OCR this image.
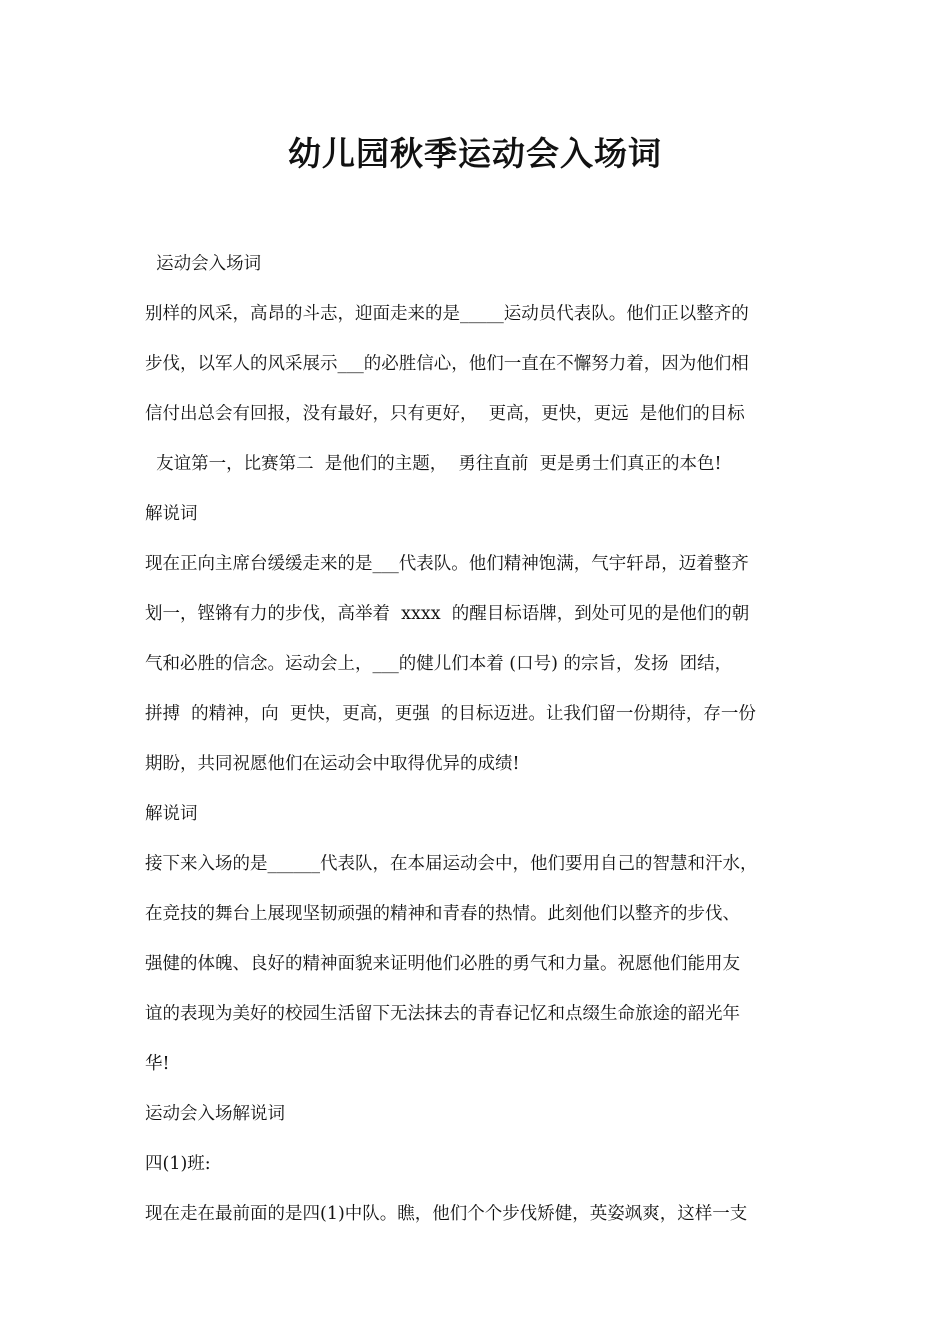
幼儿园秋季运动会入场词
运动会入场词
别样的风采，高昂的斗志，迎面走来的是_____运动员代表队。他们正以整齐的
步伐，以军人的风采展示___的必胜信心，他们一直在不懈努力着，因为他们相
信付出总会有回报，没有最好，只有更好，  更高，更快，更远  是他们的目标
友谊第一，比赛第二  是他们的主题，  勇往直前  更是勇士们真正的本色!
解说词
现在正向主席台缓缓走来的是___代表队。他们精神饱满，气宇轩昂，迈着整齐
划一，铿锵有力的步伐，高举着  xxxx  的醒目标语牌，到处可见的是他们的朝
气和必胜的信念。运动会上，___的健儿们本着 (口号) 的宗旨，发扬  团结，
拼搏  的精神，向  更快，更高，更强  的目标迈进。让我们留一份期待，存一份
期盼，共同祝愿他们在运动会中取得优异的成绩!
解说词
接下来入场的是______代表队，在本届运动会中，他们要用自己的智慧和汗水，
在竞技的舞台上展现坚韧顽强的精神和青春的热情。此刻他们以整齐的步伐、
强健的体魄、良好的精神面貌来证明他们必胜的勇气和力量。祝愿他们能用友
谊的表现为美好的校园生活留下无法抹去的青春记忆和点缀生命旅途的韶光年
华!
运动会入场解说词
四(1)班:
现在走在最前面的是四(1)中队。瞧，他们个个步伐矫健，英姿飒爽，这样一支
